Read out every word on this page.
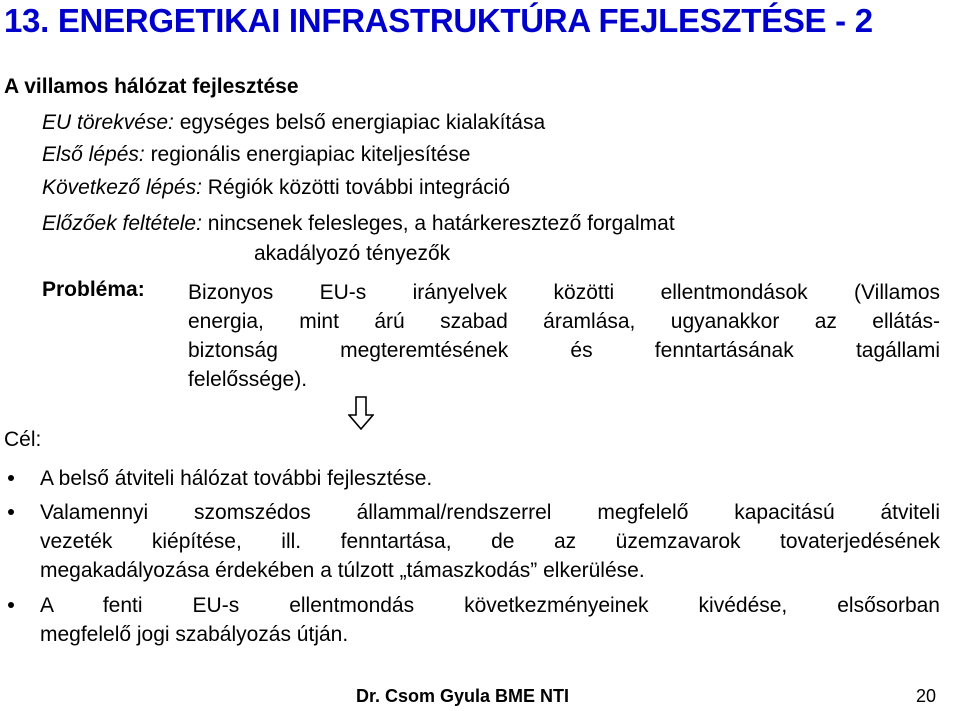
13. ENERGETIKAI INFRASTRUKTÚRA FEJLESZTÉSE - 2
A villamos hálózat fejlesztése
EU törekvése: egységes belső energiapiac kialakítása
Első lépés: regionális energiapiac kiteljesítése
Következő lépés: Régiók közötti további integráció
Előzőek feltétele: nincsenek felesleges, a határkeresztező forgalmat
akadályozó tényezők
Probléma: Bizonyos EU-s irányelvek közötti ellentmondások (Villamos
energia, mint árú szabad áramlása, ugyanakkor az ellátás-
biztonság megteremtésének és fenntartásának tagállami
felelőssége).
Cél:
A belső átviteli hálózat további fejlesztése.
Valamennyi szomszédos állammal/rendszerrel megfelelő kapacitású átviteli
vezeték kiépítése, ill. fenntartása, de az üzemzavarok tovaterjedésének
megakadályozása érdekében a túlzott „támaszkodás” elkerülése.
A fenti EU-s ellentmondás következményeinek kivédése, elsősorban
megfelelő jogi szabályozás útján.
Dr. Csom Gyula BME NTI	20
